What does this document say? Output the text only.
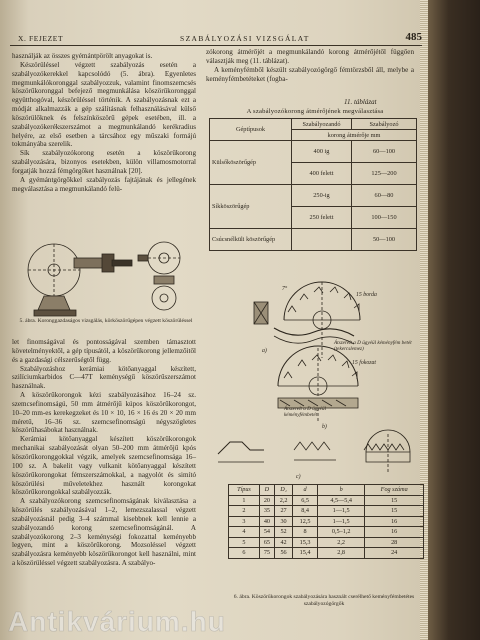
X. FEJEZET	SZABÁLYOZÁSI VIZSGÁLAT	485

használják az összes gyémántpörölt anyagokat is.

Készörüléssel végzett szabályozás esetén a szabályozókerekkel kapcsolódó (5. ábra). Egyenletes megmunkálókoronggal szabályozzuk, valamint finomszemcsés köszörűkoronggal befejező megmunkálása köszörűkoronggal együtthogóval, készörüléssel történik. A szabályozásnak ezt a módját alkalmazzák a gép szálításnak felhasználásával külső köszörülőknek és felszínköszörű gépek esetében, ill. a szabályozókerékszerszámot a megmunkálandó kerékradius helyére, az első esetben a tárcsához egy műszaki formájú tokmányába szerelik.

Sík szabályozókorong esetén a köszörűkorong szabályozására, bizonyos esetekben, külön villamosmotorral forgatják hozzá fémgörgőket használnak [20].

A gyémántgörgőkkel szabályozás fajtájának és jellegének megválasztása a megmunkálandó felü-

5. ábra. Koronggazdaságos vizsgálás, körköszörűgépen végzett köszörüléssel

let finomságával és pontosságával szemben támasztott követelményektől, a gép típusától, a köszörűkorong jellemzőitől és a gazdasági célszerűségtől függ.

Szabályozáshoz kerámiai kötőanyaggal készített, szilíciumkarbidos C—47T keménységű köszörűszerszámot használnak.

A köszörűkorongok kézi szabályozásához 16–24 sz. szemcsefinomságú, 50 mm átmérőjű kúpos köszörűkorongot, 10–20 mm-es kerekegzeket és 10 × 10, 16 × 16 és 20 × 20 mm méretű, 16–36 sz. szemcsefinomságú négyszögletes köszörűhasábokat használnak.

Kerámiai kötőanyaggal készített köszörűkorongok mechanikai szabályozását olyan 50–200 mm átmérőjű kpós köszörűkoronggokkal végzik, amelyek szemcsefinomsága 16–100 sz. A bakelit vagy vulkanit kötőanyaggal készített köszörűkorongokat fémszerszámokkal, a nagyolót és simító köszörülési műveletekhez használt korongokat köszörűkorongokkal szabályozzák.

A szabályozókorong szemcsefinomságának kiválasztása a köszörülés szabályozásával 1–2, lemezszalassal végzett szabályozásnál pedig 3–4 számmal kisebbnek kell lennie a szabályozandó korong szemcsefinomságánál. A szabályozókorong 2–3 keménységi fokozattal keményebb legyen, mint a köszörűkorong. Mozsoléssel végzett szabályozásra keményebb köszörűkorongot kell használni, mint a köszörüléssel végzett szabályozásra. A szabályo-

zókorong átmérőjét a megmunkálandó korong átmérőjétől függően választják meg (11. táblázat).

A keményfémből készült szabályozógörgő fémtörzsből áll, melybe a keményfémbetéteket (fogba-

11. táblázat
A szabályozókorong átmérőjének megválasztása
Géptípusok	Szabályozandó	Szabályozó
	korong átmérője mm	
Külsőköszörűgép	400 ig	60—100
	400 felett	125—200
Síkköszörűgép	250-ig	60—80
	250 felett	100—150
Csúcsnélküli köszörűgép		50—100
7°
15 borda
Átszerelt a D ügyéül kéményfém betét (tekercslemez)
a)
15 fokozat
Átszerelt a D ügyéül kéményfémbetét
b)
c)
Típus	D	D₁	d	b	Fog száma
1	20	2,2	6,5	4,5—5,4	15
2	35	27	8,4	1—1,5	15
3	40	30	12,5	1—1,5	16
4	54	52	8	0,5–1,2	16
5	65	42	15,3	2,2	28
6	75	56	15,4	2,8	24
6. ábra. Köszörűkorongok szabályozására használt cserélhető keményfémbetétes szabályozógörgők
Antikvárium.hu
